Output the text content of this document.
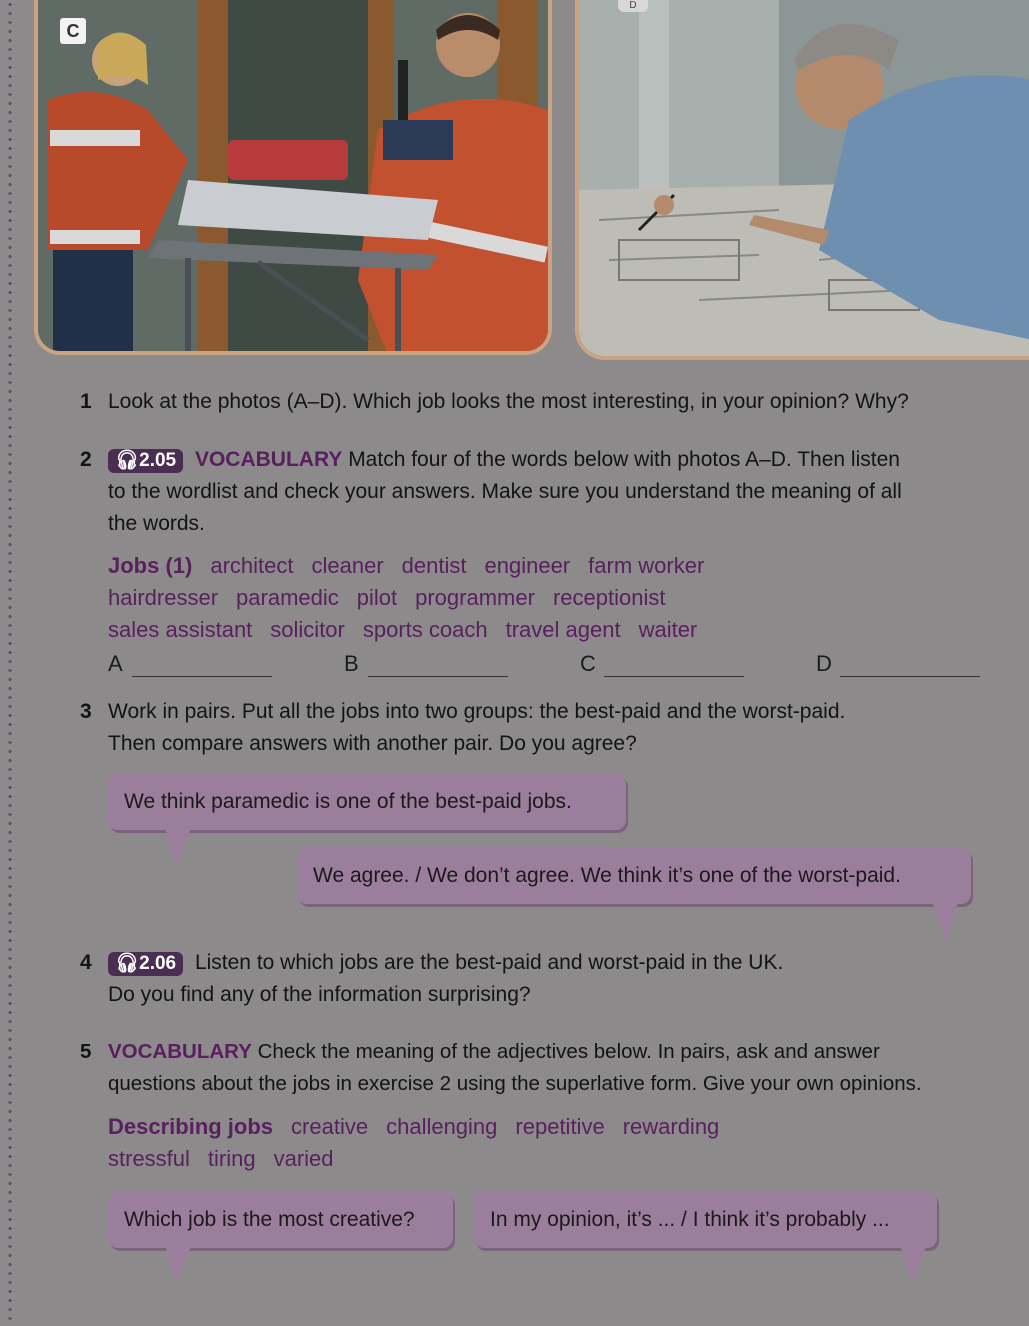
C
D
1 Look at the photos (A–D). Which job looks the most interesting, in your opinion? Why?
2 🎧︎2.05 VOCABULARY Match four of the words below with photos A–D. Then listen
to the wordlist and check your answers. Make sure you understand the meaning of all
the words.
Jobs (1) architect cleaner dentist engineer farm worker
hairdresser paramedic pilot programmer receptionist
sales assistant solicitor sports coach travel agent waiter
A	B	C	D
3 Work in pairs. Put all the jobs into two groups: the best-paid and the worst-paid.
Then compare answers with another pair. Do you agree?
We think paramedic is one of the best-paid jobs.
We agree. / We don’t agree. We think it’s one of the worst-paid.
4 🎧︎2.06 Listen to which jobs are the best-paid and worst-paid in the UK.
Do you find any of the information surprising?
5 VOCABULARY Check the meaning of the adjectives below. In pairs, ask and answer
questions about the jobs in exercise 2 using the superlative form. Give your own opinions.
Describing jobs creative challenging repetitive rewarding
stressful tiring varied
Which job is the most creative?	In my opinion, it’s ... / I think it’s probably ...
